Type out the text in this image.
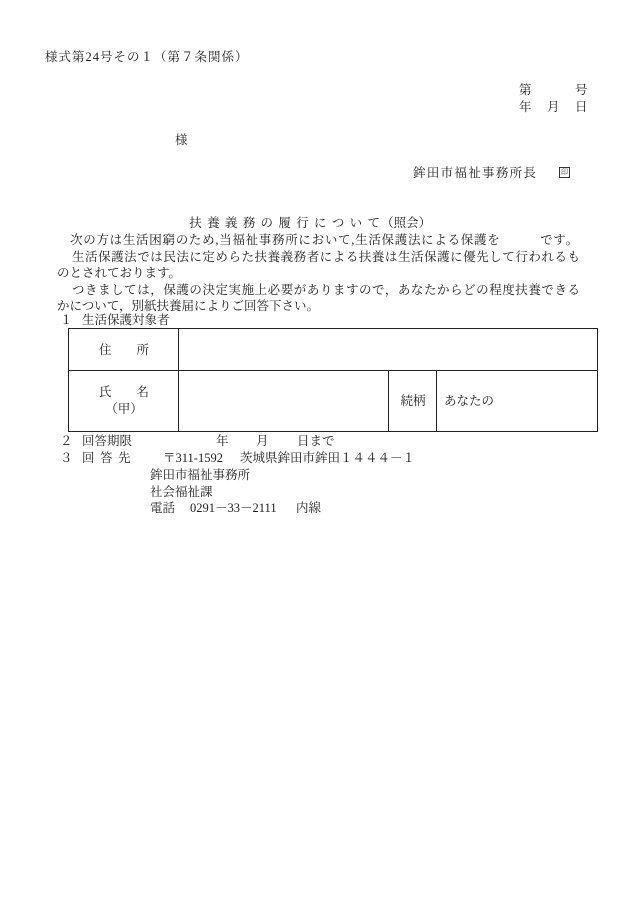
様式第24号その１（第７条関係）
第　　　号
年　月　日
様
鉾田市福祉事務所長	印

扶 養 義 務 の 履 行 に つ い て（照会）

次の方は生活困窮のため,当福祉事務所において,生活保護法による保護を　　　です。
生活保護法では民法に定めらた扶養義務者による扶養は生活保護に優先して行われるも
のとされております。
つきましては，保護の決定実施上必要がありますので，あなたからどの程度扶養できる
かについて，別紙扶養届によりご回答下さい。
１ 生活保護対象者
住　　所
氏　　名
（甲）
続柄 あなたの
２ 回答期限	年 月 日まで
３ 回 答 先 〒311-1592 茨城県鉾田市鉾田１４４４－１
鉾田市福祉事務所
社会福祉課
電話 0291－33－2111 内線
